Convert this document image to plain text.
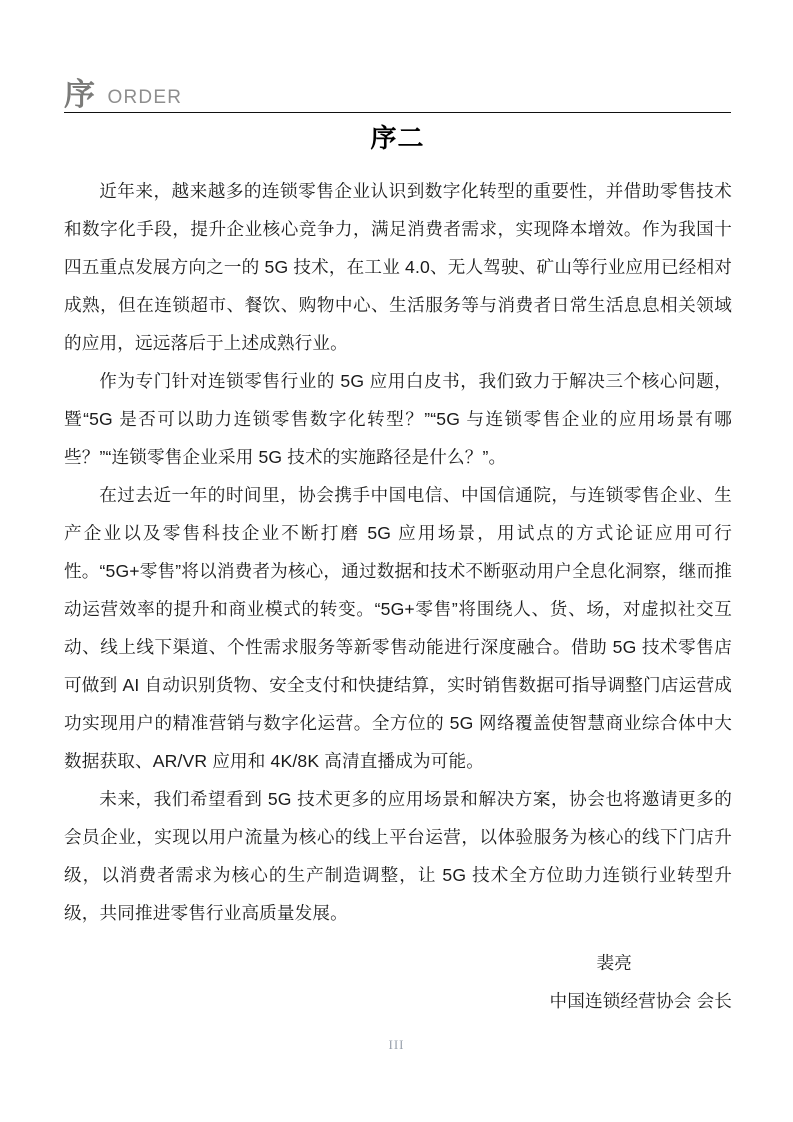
序 ORDER
序二

近年来，越来越多的连锁零售企业认识到数字化转型的重要性，并借助零售技术和数字化手段，提升企业核心竞争力，满足消费者需求，实现降本增效。作为我国十四五重点发展方向之一的 5G 技术，在工业 4.0、无人驾驶、矿山等行业应用已经相对成熟，但在连锁超市、餐饮、购物中心、生活服务等与消费者日常生活息息相关领域的应用，远远落后于上述成熟行业。

作为专门针对连锁零售行业的 5G 应用白皮书，我们致力于解决三个核心问题，暨“5G 是否可以助力连锁零售数字化转型？”“5G 与连锁零售企业的应用场景有哪些？”“连锁零售企业采用 5G 技术的实施路径是什么？”。

在过去近一年的时间里，协会携手中国电信、中国信通院，与连锁零售企业、生产企业以及零售科技企业不断打磨 5G 应用场景，用试点的方式论证应用可行性。“5G+零售”将以消费者为核心，通过数据和技术不断驱动用户全息化洞察，继而推动运营效率的提升和商业模式的转变。“5G+零售”将围绕人、货、场，对虚拟社交互动、线上线下渠道、个性需求服务等新零售动能进行深度融合。借助 5G 技术零售店可做到 AI 自动识别货物、安全支付和快捷结算，实时销售数据可指导调整门店运营成功实现用户的精准营销与数字化运营。全方位的 5G 网络覆盖使智慧商业综合体中大数据获取、AR/VR 应用和 4K/8K 高清直播成为可能。

未来，我们希望看到 5G 技术更多的应用场景和解决方案，协会也将邀请更多的会员企业，实现以用户流量为核心的线上平台运营，以体验服务为核心的线下门店升级，以消费者需求为核心的生产制造调整，让 5G 技术全方位助力连锁行业转型升级，共同推进零售行业高质量发展。

裴亮
中国连锁经营协会 会长
III
